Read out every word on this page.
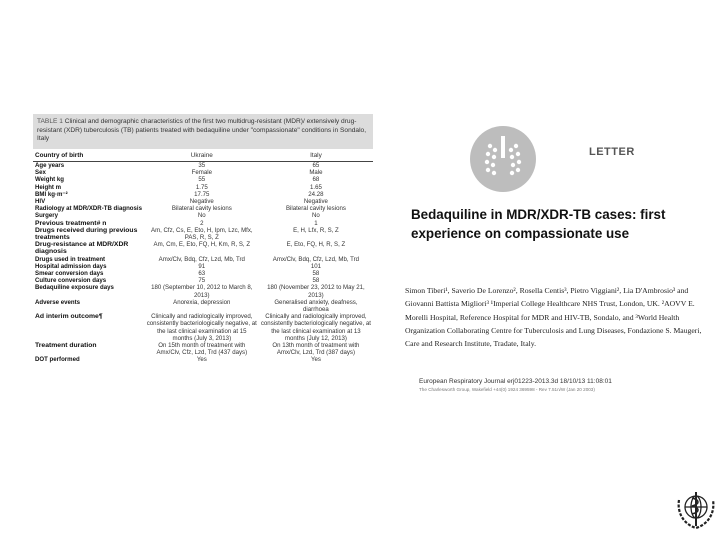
TABLE 1 Clinical and demographic characteristics of the first two multidrug-resistant (MDR)/ extensively drug-resistant (XDR) tuberculosis (TB) patients treated with bedaquiline under "compassionate" conditions in Sondalo, Italy
Country of birth	Ukraine	Italy
Age years	35	65
Sex	Female	Male
Weight kg	55	68
Height m	1.75	1.65
BMI kg·m⁻²	17.75	24.28
HIV	Negative	Negative
Radiology at MDR/XDR-TB diagnosis	Bilateral cavity lesions	Bilateral cavity lesions
Surgery	No	No
Previous treatment# n	2	1
Drugs received during previous treatments	Am, Cfz, Cs, E, Eto, H, Ipm, Lzc, Mfx, PAS, R, S, Z	E, H, Lfx, R, S, Z
Drug-resistance at MDR/XDR diagnosis	Am, Cm, E, Eto, FQ, H, Km, R, S, Z	E, Eto, FQ, H, R, S, Z
Drugs used in treatment	Amx/Clv, Bdq, Cfz, Lzd, Mb, Trd	Amx/Clv, Bdq, Cfz, Lzd, Mb, Trd
Hospital admission days	91	101
Smear conversion days	63	58
Culture conversion days	75	58
Bedaquiline exposure days	180 (September 10, 2012 to March 8, 2013)	180 (November 23, 2012 to May 21, 2013)
Adverse events	Anorexia, depression	Generalised anxiety, deafness, diarrhoea
Ad interim outcome¶	Clinically and radiologically improved, consistently bacteriologically negative, at the last clinical examination at 15 months (July 3, 2013)	Clinically and radiologically improved, consistently bacteriologically negative, at the last clinical examination at 13 months (July 12, 2013)
Treatment duration	On 15th month of treatment with Amx/Clv, Cfz, Lzd, Trd (437 days)	On 13th month of treatment with Amx/Clv, Lzd, Trd (387 days)
DOT performed	Yes	Yes
LETTER
Bedaquiline in MDR/XDR-TB cases: first experience on compassionate use
Simon Tiberi¹, Saverio De Lorenzo², Rosella Centis³, Pietro Viggiani², Lia D'Ambrosio³ and Giovanni Battista Migliori³ ¹Imperial College Healthcare NHS Trust, London, UK. ²AOVV E. Morelli Hospital, Reference Hospital for MDR and HIV-TB, Sondalo, and ³World Health Organization Collaborating Centre for Tuberculosis and Lung Diseases, Fondazione S. Maugeri, Care and Research Institute, Tradate, Italy.
European Respiratory Journal erj01223-2013.3d 18/10/13 11:08:01
The Charlesworth Group, Wakefield +44(0) 1924 369598 - Rev 7.51n/W (Jan 20 2003)
